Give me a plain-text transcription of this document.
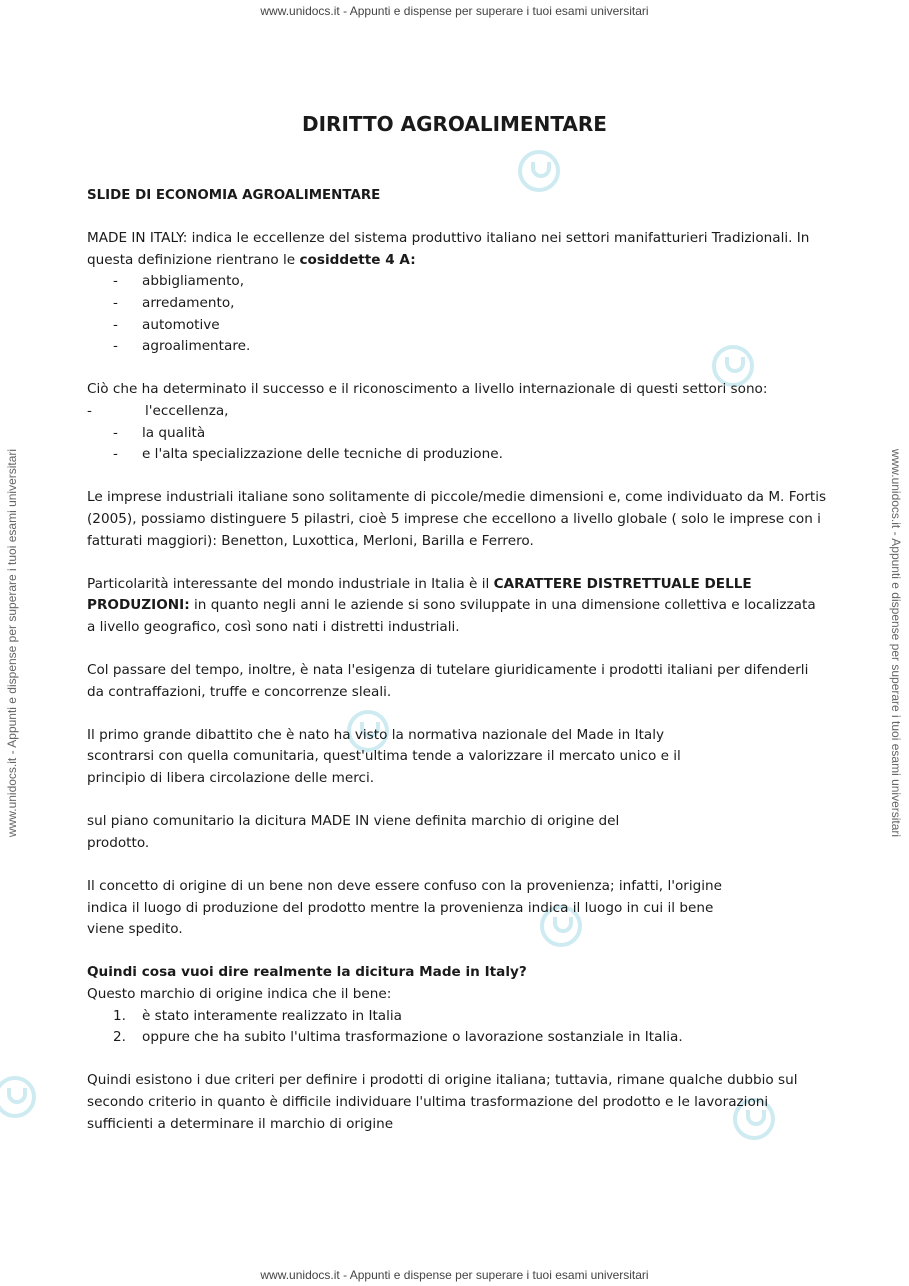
www.unidocs.it - Appunti e dispense per superare i tuoi esami universitari
www.unidocs.it - Appunti e dispense per superare i tuoi esami universitari
www.unidocs.it - Appunti e dispense per superare i tuoi esami universitari	www.unidocs.it - Appunti e dispense per superare i tuoi esami universitari
DIRITTO AGROALIMENTARE
SLIDE DI ECONOMIA AGROALIMENTARE

MADE IN ITALY: indica le eccellenze del sistema produttivo italiano nei settori manifatturieri Tradizionali. In questa definizione rientrano le cosiddette 4 A:

- abbigliamento,
- arredamento,
- automotive
- agroalimentare.

Ciò che ha determinato il successo e il riconoscimento a livello internazionale di questi settori sono:

-	l'eccellenza,
- la qualità
- e l'alta specializzazione delle tecniche di produzione.

Le imprese industriali italiane sono solitamente di piccole/medie dimensioni e, come individuato da M. Fortis (2005), possiamo distinguere 5 pilastri, cioè 5 imprese che eccellono a livello globale ( solo le imprese con i fatturati maggiori): Benetton, Luxottica, Merloni, Barilla e Ferrero.

Particolarità interessante del mondo industriale in Italia è il CARATTERE DISTRETTUALE DELLE PRODUZIONI: in quanto negli anni le aziende si sono sviluppate in una dimensione collettiva e localizzata a livello geografico, così sono nati i distretti industriali.

Col passare del tempo, inoltre, è nata l'esigenza di tutelare giuridicamente i prodotti italiani per difenderli da contraffazioni, truffe e concorrenze sleali.

Il primo grande dibattito che è nato ha visto la normativa nazionale del Made in Italy scontrarsi con quella comunitaria, quest'ultima tende a valorizzare il mercato unico e il principio di libera circolazione delle merci.

sul piano comunitario la dicitura MADE IN viene definita marchio di origine del prodotto.

Il concetto di origine di un bene non deve essere confuso con la provenienza; infatti, l'origine indica il luogo di produzione del prodotto mentre la provenienza indica il luogo in cui il bene viene spedito.

Quindi cosa vuoi dire realmente la dicitura Made in Italy?

Questo marchio di origine indica che il bene:

1. è stato interamente realizzato in Italia
2. oppure che ha subito l'ultima trasformazione o lavorazione sostanziale in Italia.

Quindi esistono i due criteri per definire i prodotti di origine italiana; tuttavia, rimane qualche dubbio sul secondo criterio in quanto è difficile individuare l'ultima trasformazione del prodotto e le lavorazioni sufficienti a determinare il marchio di origine
